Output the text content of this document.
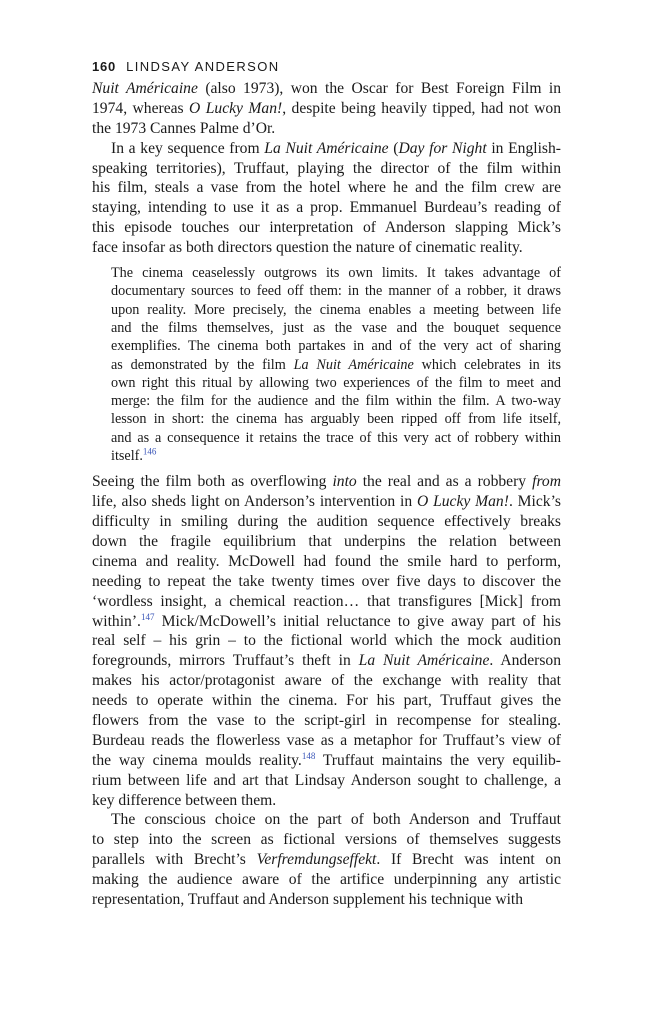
160 LINDSAY ANDERSON
Nuit Américaine (also 1973), won the Oscar for Best Foreign Film in
1974, whereas O Lucky Man!, despite being heavily tipped, had not won
the 1973 Cannes Palme d’Or.
In a key sequence from La Nuit Américaine (Day for Night in English-
speaking territories), Truffaut, playing the director of the film within
his film, steals a vase from the hotel where he and the film crew are
staying, intending to use it as a prop. Emmanuel Burdeau’s reading of
this episode touches our interpretation of Anderson slapping Mick’s
face insofar as both directors question the nature of cinematic reality.
The cinema ceaselessly outgrows its own limits. It takes advantage of
documentary sources to feed off them: in the manner of a robber, it draws
upon reality. More precisely, the cinema enables a meeting between life
and the films themselves, just as the vase and the bouquet sequence
exemplifies. The cinema both partakes in and of the very act of sharing
as demonstrated by the film La Nuit Américaine which celebrates in its
own right this ritual by allowing two experiences of the film to meet and
merge: the film for the audience and the film within the film. A two-way
lesson in short: the cinema has arguably been ripped off from life itself,
and as a consequence it retains the trace of this very act of robbery within
itself.$^{146}$
Seeing the film both as overflowing into the real and as a robbery from
life, also sheds light on Anderson’s intervention in O Lucky Man!. Mick’s
difficulty in smiling during the audition sequence effectively breaks
down the fragile equilibrium that underpins the relation between
cinema and reality. McDowell had found the smile hard to perform,
needing to repeat the take twenty times over five days to discover the
‘wordless insight, a chemical reaction… that transfigures [Mick] from
within’.$^{147}$ Mick/McDowell’s initial reluctance to give away part of his
real self – his grin – to the fictional world which the mock audition
foregrounds, mirrors Truffaut’s theft in La Nuit Américaine. Anderson
makes his actor/protagonist aware of the exchange with reality that
needs to operate within the cinema. For his part, Truffaut gives the
flowers from the vase to the script-girl in recompense for stealing.
Burdeau reads the flowerless vase as a metaphor for Truffaut’s view of
the way cinema moulds reality.$^{148}$ Truffaut maintains the very equilib-
rium between life and art that Lindsay Anderson sought to challenge, a
key difference between them.
The conscious choice on the part of both Anderson and Truffaut
to step into the screen as fictional versions of themselves suggests
parallels with Brecht’s Verfremdungseffekt. If Brecht was intent on
making the audience aware of the artifice underpinning any artistic
representation, Truffaut and Anderson supplement his technique with
